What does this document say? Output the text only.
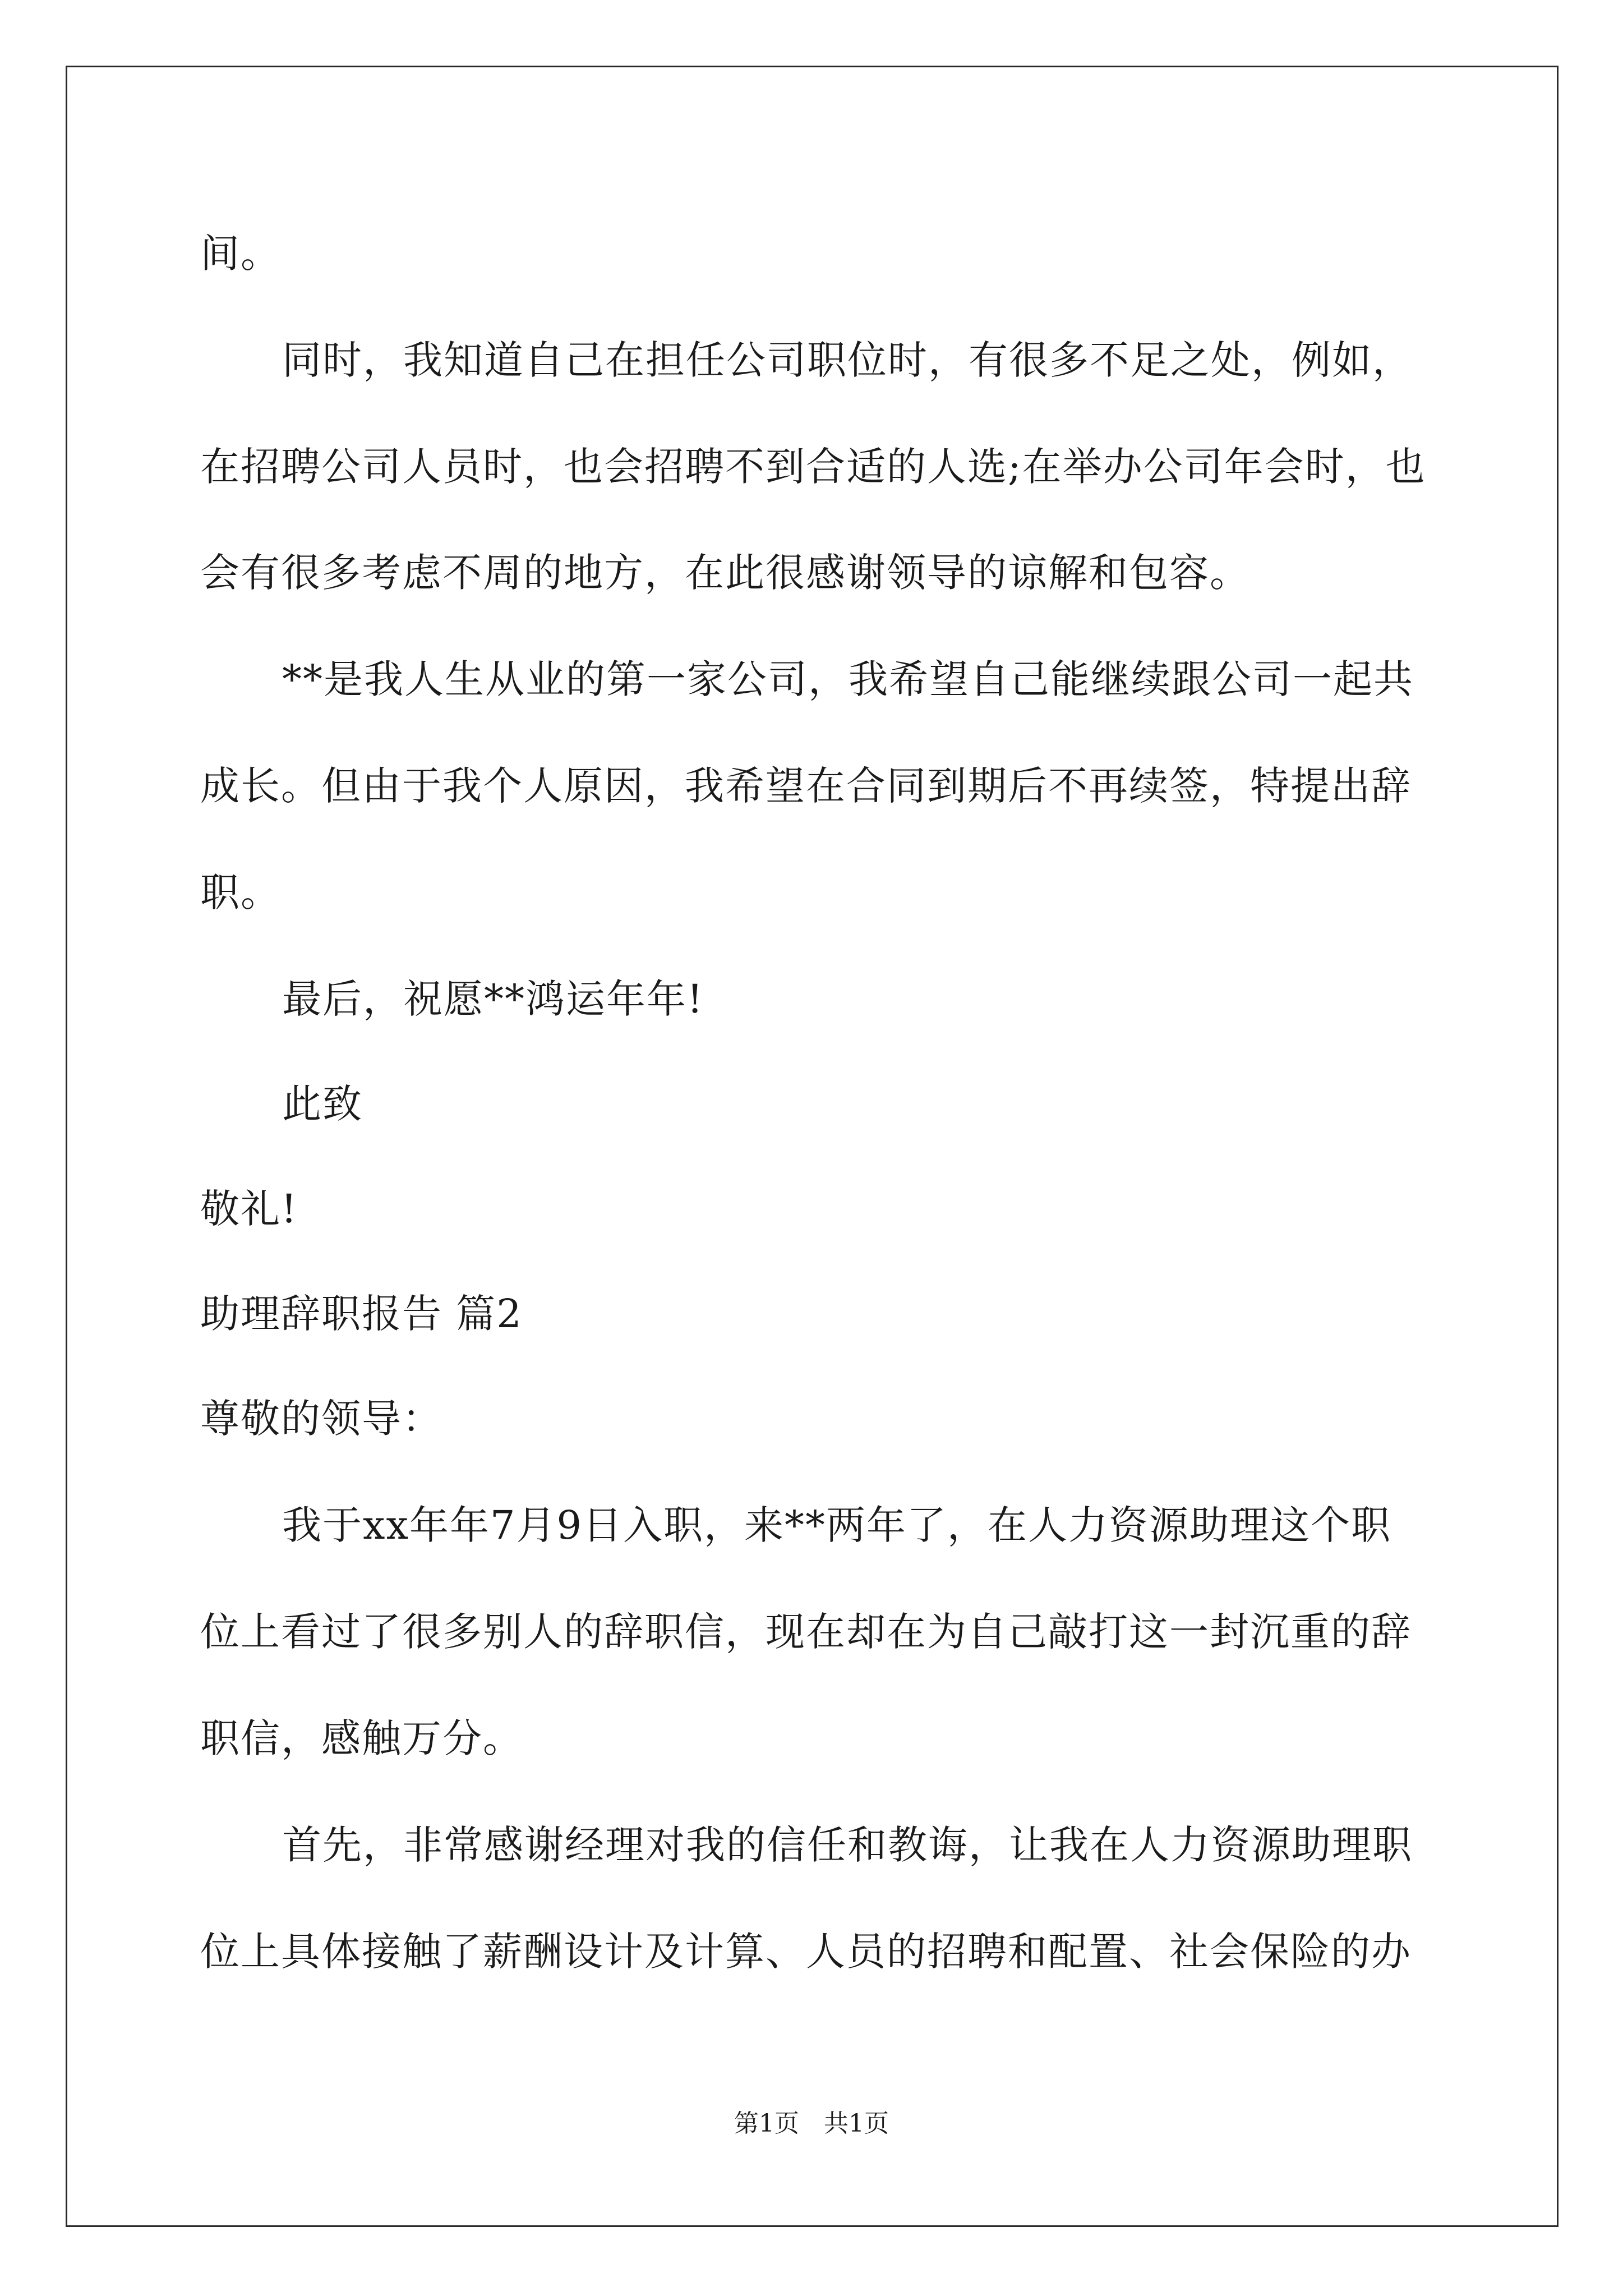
间。
同时，我知道自己在担任公司职位时，有很多不足之处，例如，
在招聘公司人员时，也会招聘不到合适的人选;在举办公司年会时，也
会有很多考虑不周的地方，在此很感谢领导的谅解和包容。
**是我人生从业的第一家公司，我希望自己能继续跟公司一起共
成长。但由于我个人原因，我希望在合同到期后不再续签，特提出辞
职。
最后，祝愿**鸿运年年!
此致
敬礼!
助理辞职报告 篇2
尊敬的领导：
我于xx年年7月9日入职，来**两年了，在人力资源助理这个职
位上看过了很多别人的辞职信，现在却在为自己敲打这一封沉重的辞
职信，感触万分。
首先，非常感谢经理对我的信任和教诲，让我在人力资源助理职
位上具体接触了薪酬设计及计算、人员的招聘和配置、社会保险的办
第1页　共1页
